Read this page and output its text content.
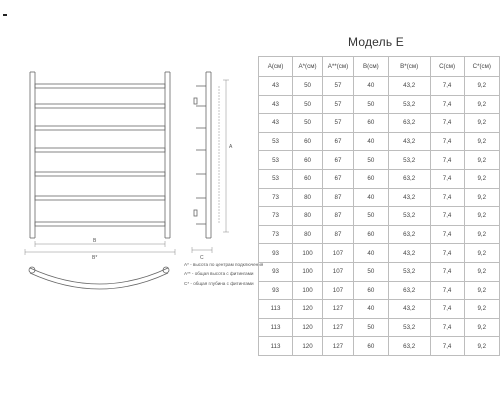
B
B*
A
C
А* - высота по центрам подключения
А** - общая высота с фитингами
С* - общая глубина с фитингами
Модель E
A(см)	A*(см)	A**(см)	B(см)	B*(см)	C(см)	C*(см)
43	50	57	40	43,2	7,4	9,2
43	50	57	50	53,2	7,4	9,2
43	50	57	60	63,2	7,4	9,2
53	60	67	40	43,2	7,4	9,2
53	60	67	50	53,2	7,4	9,2
53	60	67	60	63,2	7,4	9,2
73	80	87	40	43,2	7,4	9,2
73	80	87	50	53,2	7,4	9,2
73	80	87	60	63,2	7,4	9,2
93	100	107	40	43,2	7,4	9,2
93	100	107	50	53,2	7,4	9,2
93	100	107	60	63,2	7,4	9,2
113	120	127	40	43,2	7,4	9,2
113	120	127	50	53,2	7,4	9,2
113	120	127	60	63,2	7,4	9,2
